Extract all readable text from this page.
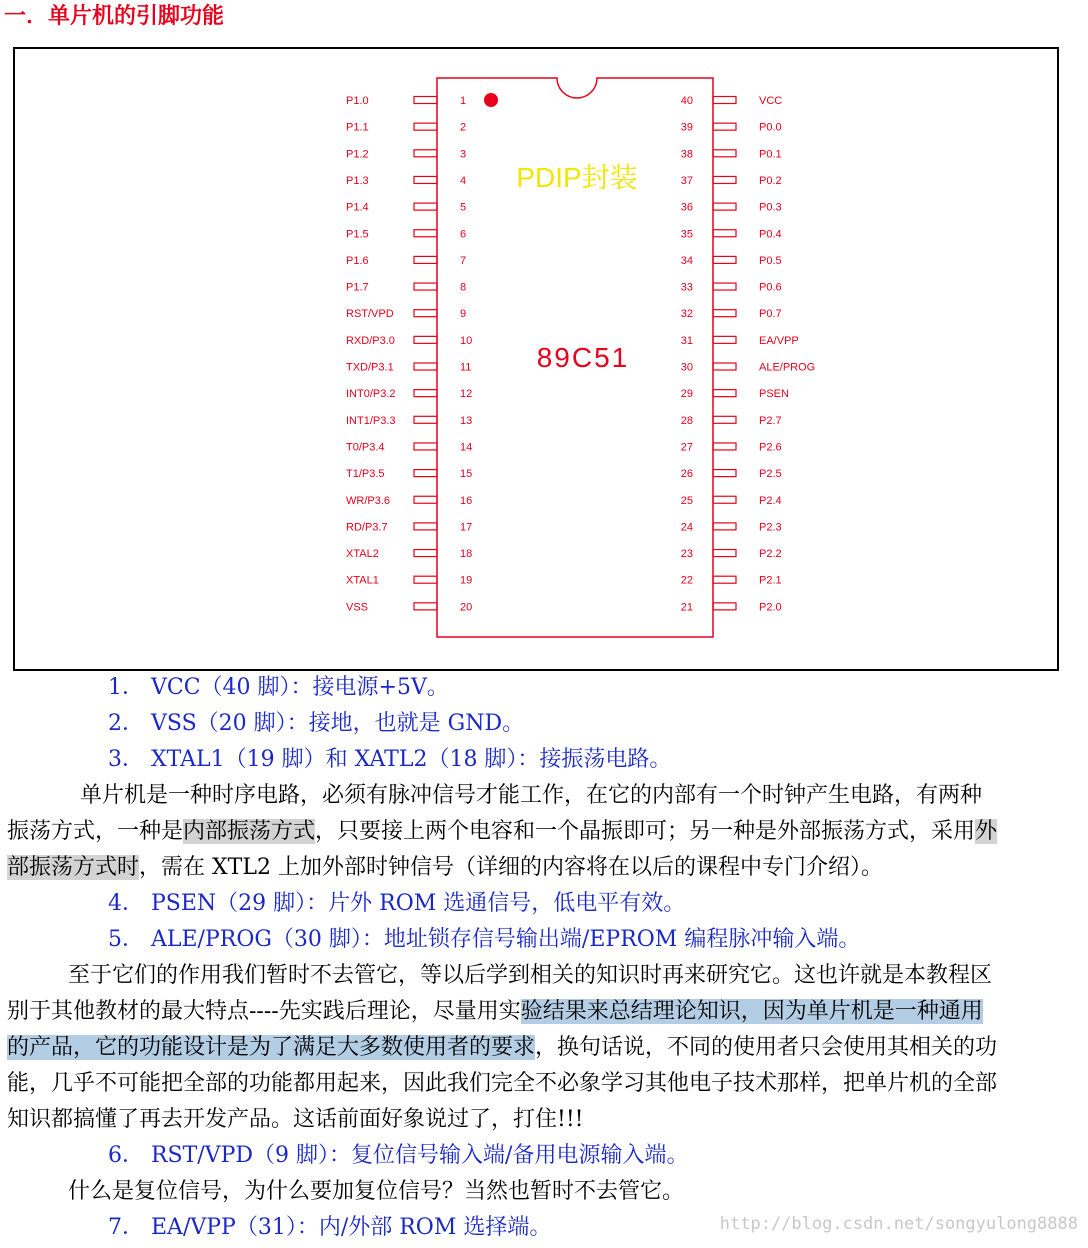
一．单片机的引脚功能
PDIP封装
89C51
P1.0	1
P1.1	2
P1.2	3
P1.3	4
P1.4	5
P1.5	6
P1.6	7
P1.7	8
RST/VPD	9
RXD/P3.0	10
TXD/P3.1	11
INT0/P3.2	12
INT1/P3.3	13
T0/P3.4	14
T1/P3.5	15
WR/P3.6	16
RD/P3.7	17
XTAL2	18
XTAL1	19
VSS	20
40	VCC
39	P0.0
38	P0.1
37	P0.2
36	P0.3
35	P0.4
34	P0.5
33	P0.6
32	P0.7
31	EA/VPP
30	ALE/PROG
29	PSEN
28	P2.7
27	P2.6
26	P2.5
25	P2.4
24	P2.3
23	P2.2
22	P2.1
21	P2.0
1． VCC（40 脚）：接电源+5V。
2． VSS（20 脚）：接地，也就是 GND。
3． XTAL1（19 脚）和 XATL2（18 脚）：接振荡电路。
单片机是一种时序电路，必须有脉冲信号才能工作，在它的内部有一个时钟产生电路，有两种
振荡方式，一种是内部振荡方式，只要接上两个电容和一个晶振即可；另一种是外部振荡方式，采用外
部振荡方式时，需在 XTL2 上加外部时钟信号（详细的内容将在以后的课程中专门介绍）。
4． PSEN（29 脚）：片外 ROM 选通信号，低电平有效。
5． ALE/PROG（30 脚）：地址锁存信号输出端/EPROM 编程脉冲输入端。
至于它们的作用我们暂时不去管它，等以后学到相关的知识时再来研究它。这也许就是本教程区
别于其他教材的最大特点----先实践后理论，尽量用实验结果来总结理论知识，因为单片机是一种通用
的产品，它的功能设计是为了满足大多数使用者的要求，换句话说，不同的使用者只会使用其相关的功
能，几乎不可能把全部的功能都用起来，因此我们完全不必象学习其他电子技术那样，把单片机的全部
知识都搞懂了再去开发产品。这话前面好象说过了，打住!!!
6． RST/VPD（9 脚）：复位信号输入端/备用电源输入端。
什么是复位信号，为什么要加复位信号？当然也暂时不去管它。
7． EA/VPP（31）：内/外部 ROM 选择端。	http://blog.csdn.net/songyulong8888
